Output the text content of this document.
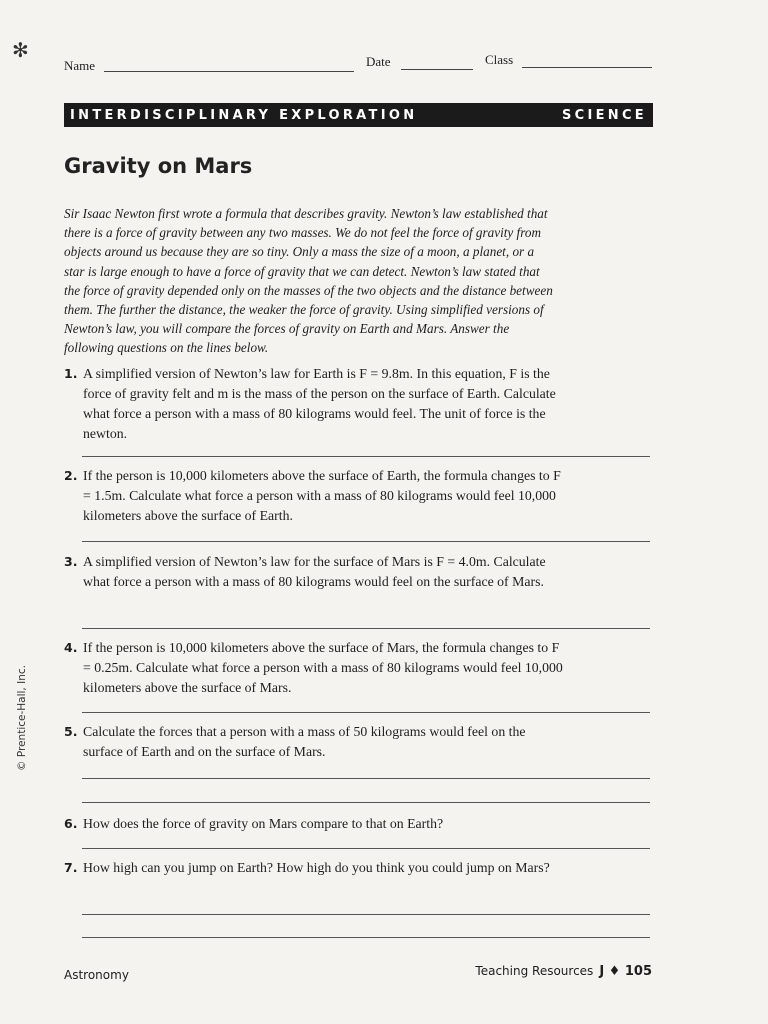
✻
Name	Date	Class
INTERDISCIPLINARY EXPLORATION	SCIENCE
Gravity on Mars
Sir Isaac Newton first wrote a formula that describes gravity. Newton’s law established that there is a force of gravity between any two masses. We do not feel the force of gravity from objects around us because they are so tiny. Only a mass the size of a moon, a planet, or a star is large enough to have a force of gravity that we can detect. Newton’s law stated that the force of gravity depended only on the masses of the two objects and the distance between them. The further the distance, the weaker the force of gravity. Using simplified versions of Newton’s law, you will compare the forces of gravity on Earth and Mars. Answer the following questions on the lines below.
1. A simplified version of Newton’s law for Earth is F = 9.8m. In this equation, F is the force of gravity felt and m is the mass of the person on the surface of Earth. Calculate what force a person with a mass of 80 kilograms would feel. The unit of force is the newton.
2. If the person is 10,000 kilometers above the surface of Earth, the formula changes to F = 1.5m. Calculate what force a person with a mass of 80 kilograms would feel 10,000 kilometers above the surface of Earth.
3. A simplified version of Newton’s law for the surface of Mars is F = 4.0m. Calculate what force a person with a mass of 80 kilograms would feel on the surface of Mars.
4. If the person is 10,000 kilometers above the surface of Mars, the formula changes to F = 0.25m. Calculate what force a person with a mass of 80 kilograms would feel 10,000 kilometers above the surface of Mars.
5. Calculate the forces that a person with a mass of 50 kilograms would feel on the surface of Earth and on the surface of Mars.
6. How does the force of gravity on Mars compare to that on Earth?
7. How high can you jump on Earth? How high do you think you could jump on Mars?
© Prentice-Hall, Inc.
Astronomy	Teaching Resources J ♦ 105
